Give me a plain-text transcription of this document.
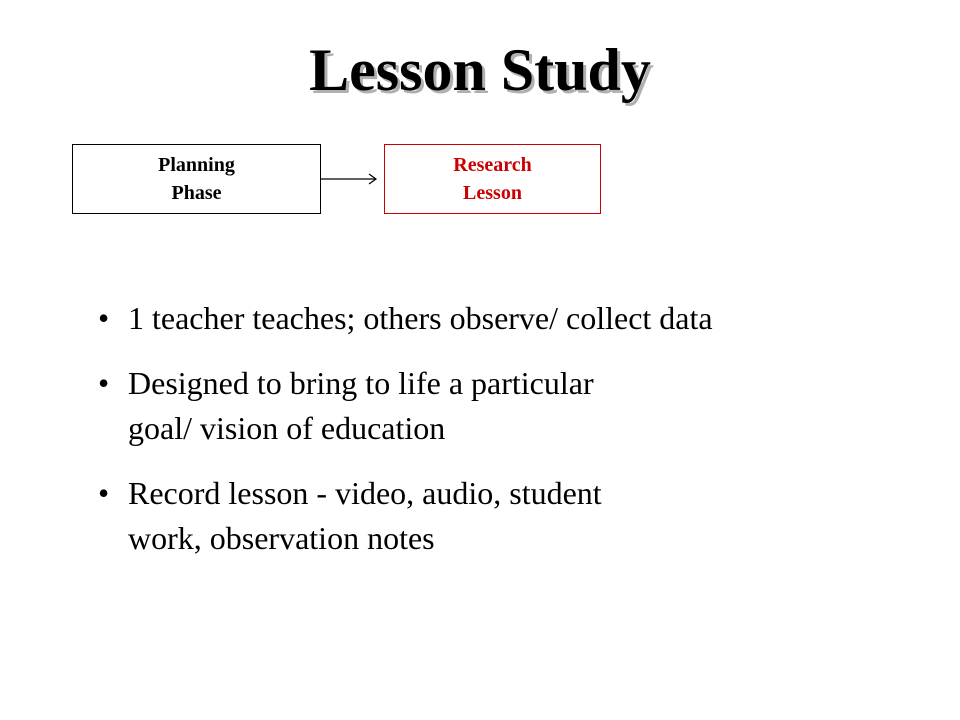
Lesson Study
Planning
Phase
Research
Lesson
• 1 teacher teaches; others observe/ collect data
• Designed to bring to life a particular
goal/ vision of education
• Record lesson - video, audio, student
work, observation notes
